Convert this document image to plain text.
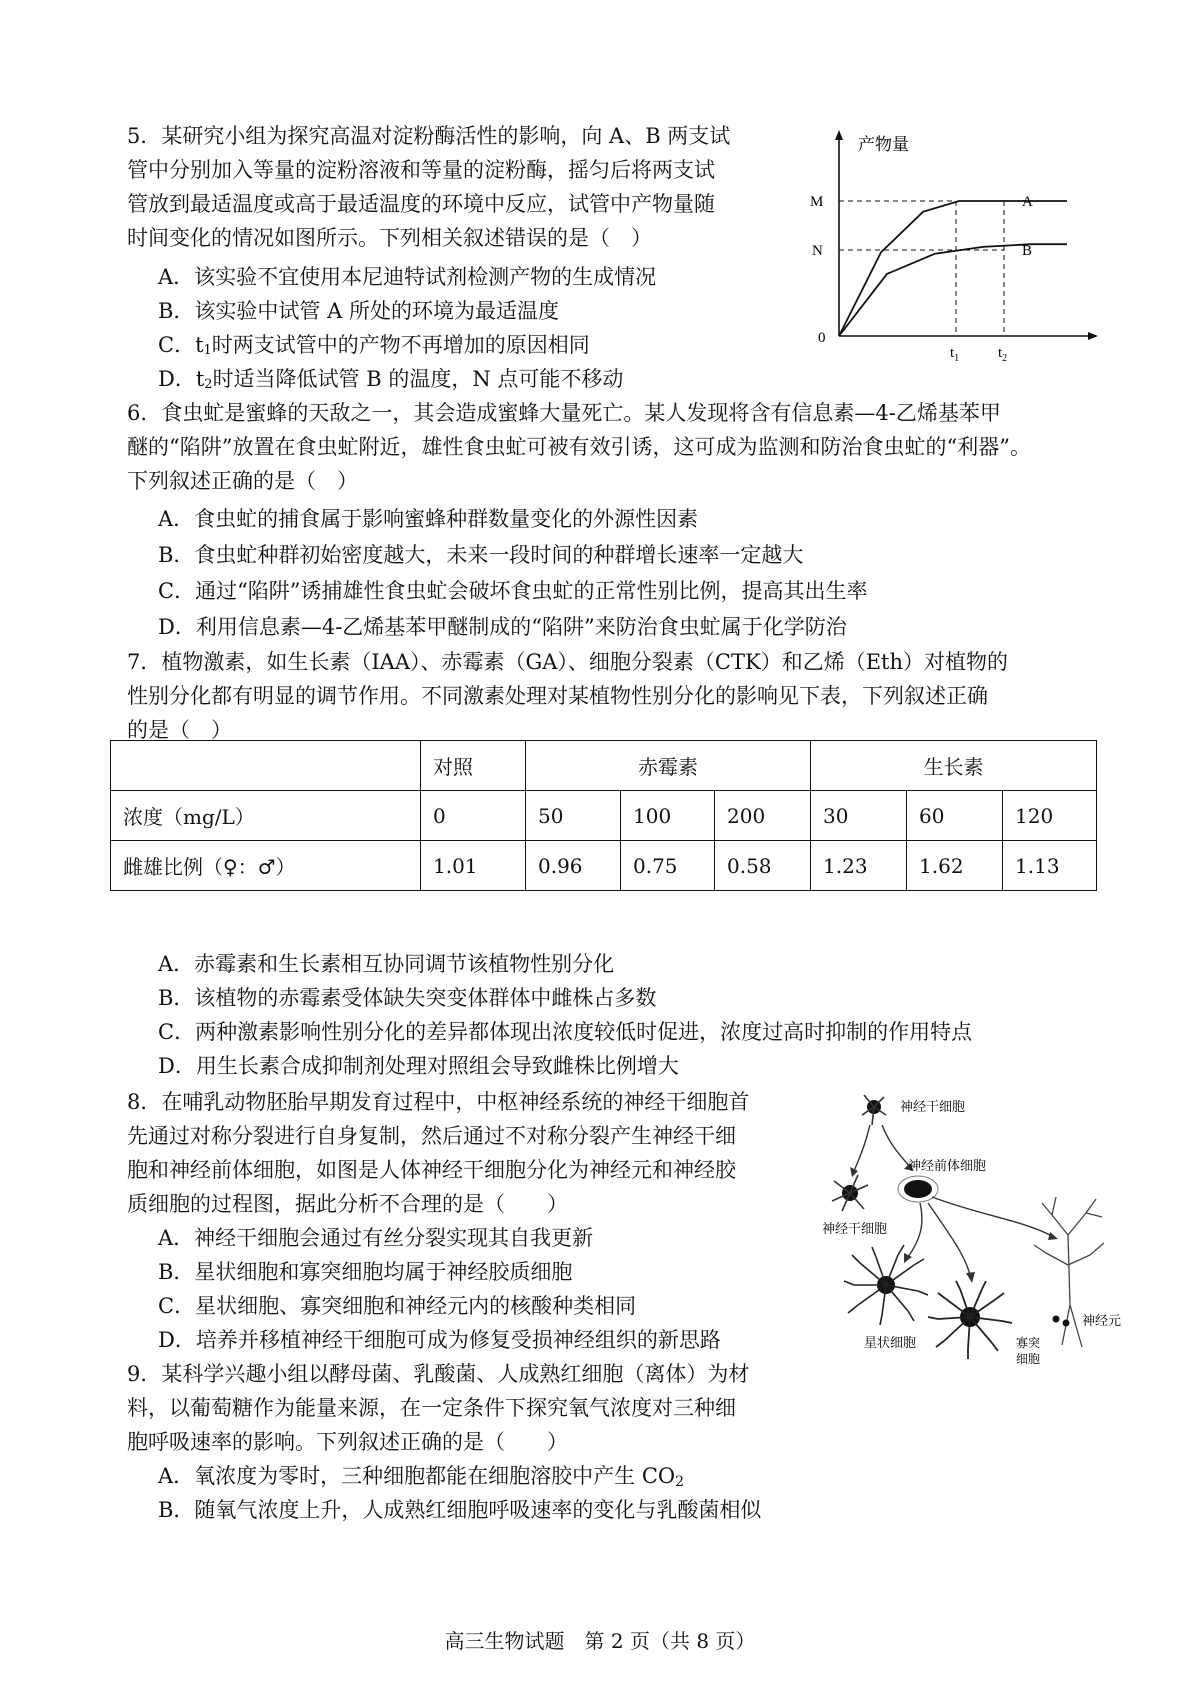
5．某研究小组为探究高温对淀粉酶活性的影响，向 A、B 两支试
管中分别加入等量的淀粉溶液和等量的淀粉酶，摇匀后将两支试
管放到最适温度或高于最适温度的环境中反应，试管中产物量随
时间变化的情况如图所示。下列相关叙述错误的是（　）
A．该实验不宜使用本尼迪特试剂检测产物的生成情况
B．该实验中试管 A 所处的环境为最适温度
C．$t_1$时两支试管中的产物不再增加的原因相同
D．$t_2$时适当降低试管 B 的温度，N 点可能不移动
产物量
M
N
0
A
B
$t_1$	$t_2$
6．食虫虻是蜜蜂的天敌之一，其会造成蜜蜂大量死亡。某人发现将含有信息素—4-乙烯基苯甲
醚的“陷阱”放置在食虫虻附近，雄性食虫虻可被有效引诱，这可成为监测和防治食虫虻的“利器”。
下列叙述正确的是（　）
A．食虫虻的捕食属于影响蜜蜂种群数量变化的外源性因素
B．食虫虻种群初始密度越大，未来一段时间的种群增长速率一定越大
C．通过“陷阱”诱捕雄性食虫虻会破坏食虫虻的正常性别比例，提高其出生率
D．利用信息素—4-乙烯基苯甲醚制成的“陷阱”来防治食虫虻属于化学防治
7．植物激素，如生长素（IAA）、赤霉素（GA）、细胞分裂素（CTK）和乙烯（Eth）对植物的
性别分化都有明显的调节作用。不同激素处理对某植物性别分化的影响见下表，下列叙述正确
的是（　）
	对照	赤霉素			生长素		
浓度（mg/L）	0	50	100	200	30	60	120
雌雄比例（♀：♂）	1.01	0.96	0.75	0.58	1.23	1.62	1.13
A．赤霉素和生长素相互协同调节该植物性别分化
B．该植物的赤霉素受体缺失突变体群体中雌株占多数
C．两种激素影响性别分化的差异都体现出浓度较低时促进，浓度过高时抑制的作用特点
D．用生长素合成抑制剂处理对照组会导致雌株比例增大
8．在哺乳动物胚胎早期发育过程中，中枢神经系统的神经干细胞首
先通过对称分裂进行自身复制，然后通过不对称分裂产生神经干细
胞和神经前体细胞，如图是人体神经干细胞分化为神经元和神经胶
质细胞的过程图，据此分析不合理的是（　　）
A．神经干细胞会通过有丝分裂实现其自我更新
B．星状细胞和寡突细胞均属于神经胶质细胞
C．星状细胞、寡突细胞和神经元内的核酸种类相同
D．培养并移植神经干细胞可成为修复受损神经组织的新思路
神经干细胞
神经干细胞
神经前体细胞
星状细胞	寡突
细胞
神经元
9．某科学兴趣小组以酵母菌、乳酸菌、人成熟红细胞（离体）为材
料，以葡萄糖作为能量来源，在一定条件下探究氧气浓度对三种细
胞呼吸速率的影响。下列叙述正确的是（　　）
A．氧浓度为零时，三种细胞都能在细胞溶胶中产生 $CO_2$
B．随氧气浓度上升，人成熟红细胞呼吸速率的变化与乳酸菌相似
高三生物试题　第 2 页（共 8 页）
